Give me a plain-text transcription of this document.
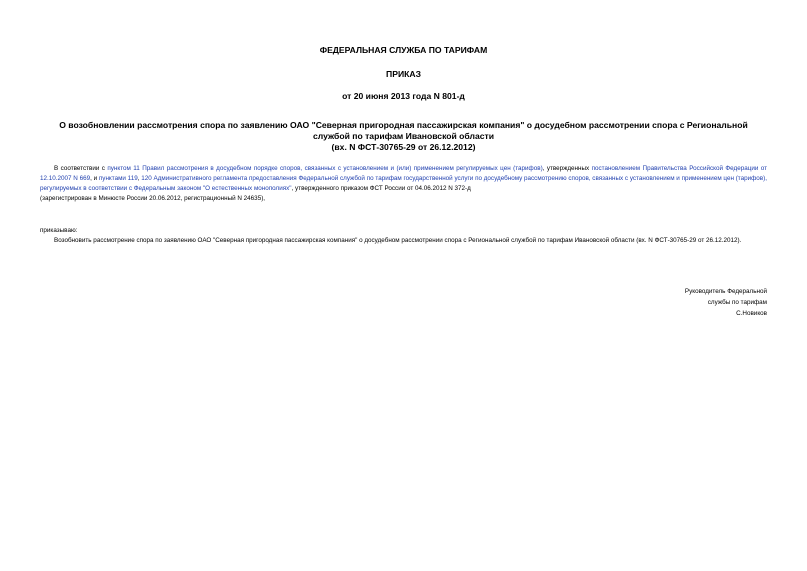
ФЕДЕРАЛЬНАЯ СЛУЖБА ПО ТАРИФАМ
ПРИКАЗ
от 20 июня 2013 года N 801-д
О возобновлении рассмотрения спора по заявлению ОАО "Северная пригородная пассажирская компания" о досудебном рассмотрении спора с Региональной
службой по тарифам Ивановской области
(вх. N ФСТ-30765-29 от 26.12.2012)
В соответствии с пунктом 11 Правил рассмотрения в досудебном порядке споров, связанных с установлением и (или) применением регулируемых цен (тарифов), утвержденных постановлением Правительства Российской Федерации от 12.10.2007 N 669, и пунктами 119, 120 Административного регламента предоставления Федеральной службой по тарифам государственной услуги по досудебному рассмотрению споров, связанных с установлением и применением цен (тарифов), регулируемых в соответствии с Федеральным законом "О естественных монополиях", утвержденного приказом ФСТ России от 04.06.2012 N 372-д
(зарегистрирован в Минюсте России 20.06.2012, регистрационный N 24635),
приказываю:
Возобновить рассмотрение спора по заявлению ОАО "Северная пригородная пассажирская компания" о досудебном рассмотрении спора с Региональной службой по тарифам Ивановской области (вх. N ФСТ-30765-29 от 26.12.2012).
Руководитель Федеральной
службы по тарифам
С.Новиков
